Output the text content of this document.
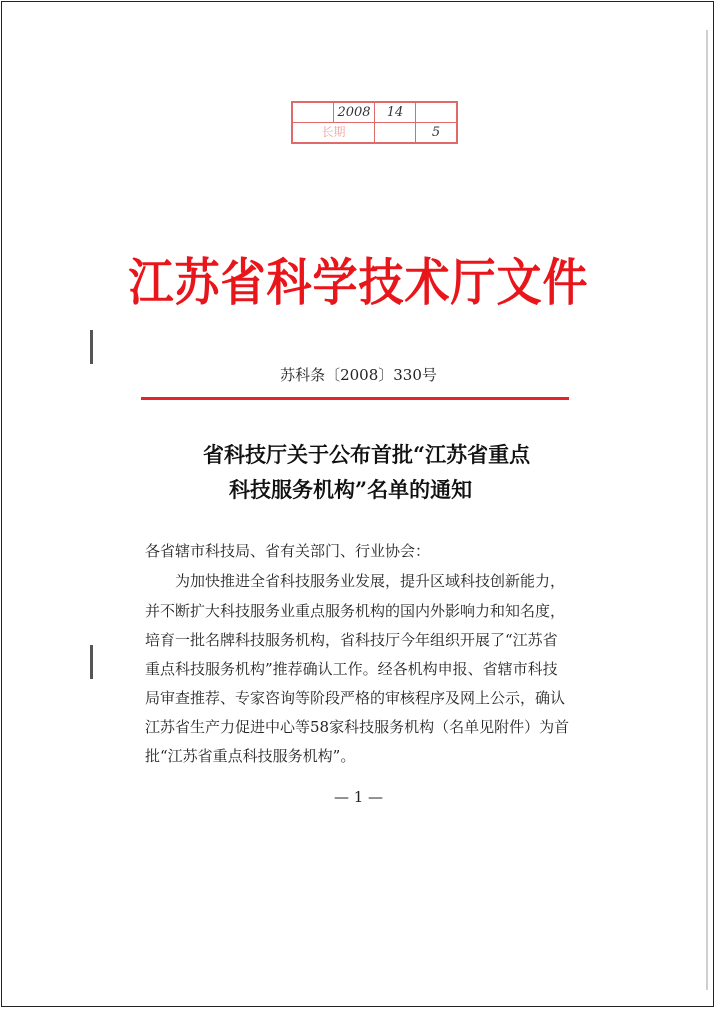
	2008	14	
长期			5
江苏省科学技术厅文件
苏科条〔2008〕330号
省科技厅关于公布首批“江苏省重点
科技服务机构”名单的通知
各省辖市科技局、省有关部门、行业协会：
　　为加快推进全省科技服务业发展，提升区域科技创新能力，
并不断扩大科技服务业重点服务机构的国内外影响力和知名度，
培育一批名牌科技服务机构，省科技厅今年组织开展了“江苏省
重点科技服务机构”推荐确认工作。经各机构申报、省辖市科技
局审查推荐、专家咨询等阶段严格的审核程序及网上公示，确认
江苏省生产力促进中心等58家科技服务机构（名单见附件）为首
批“江苏省重点科技服务机构”。
— 1 —
